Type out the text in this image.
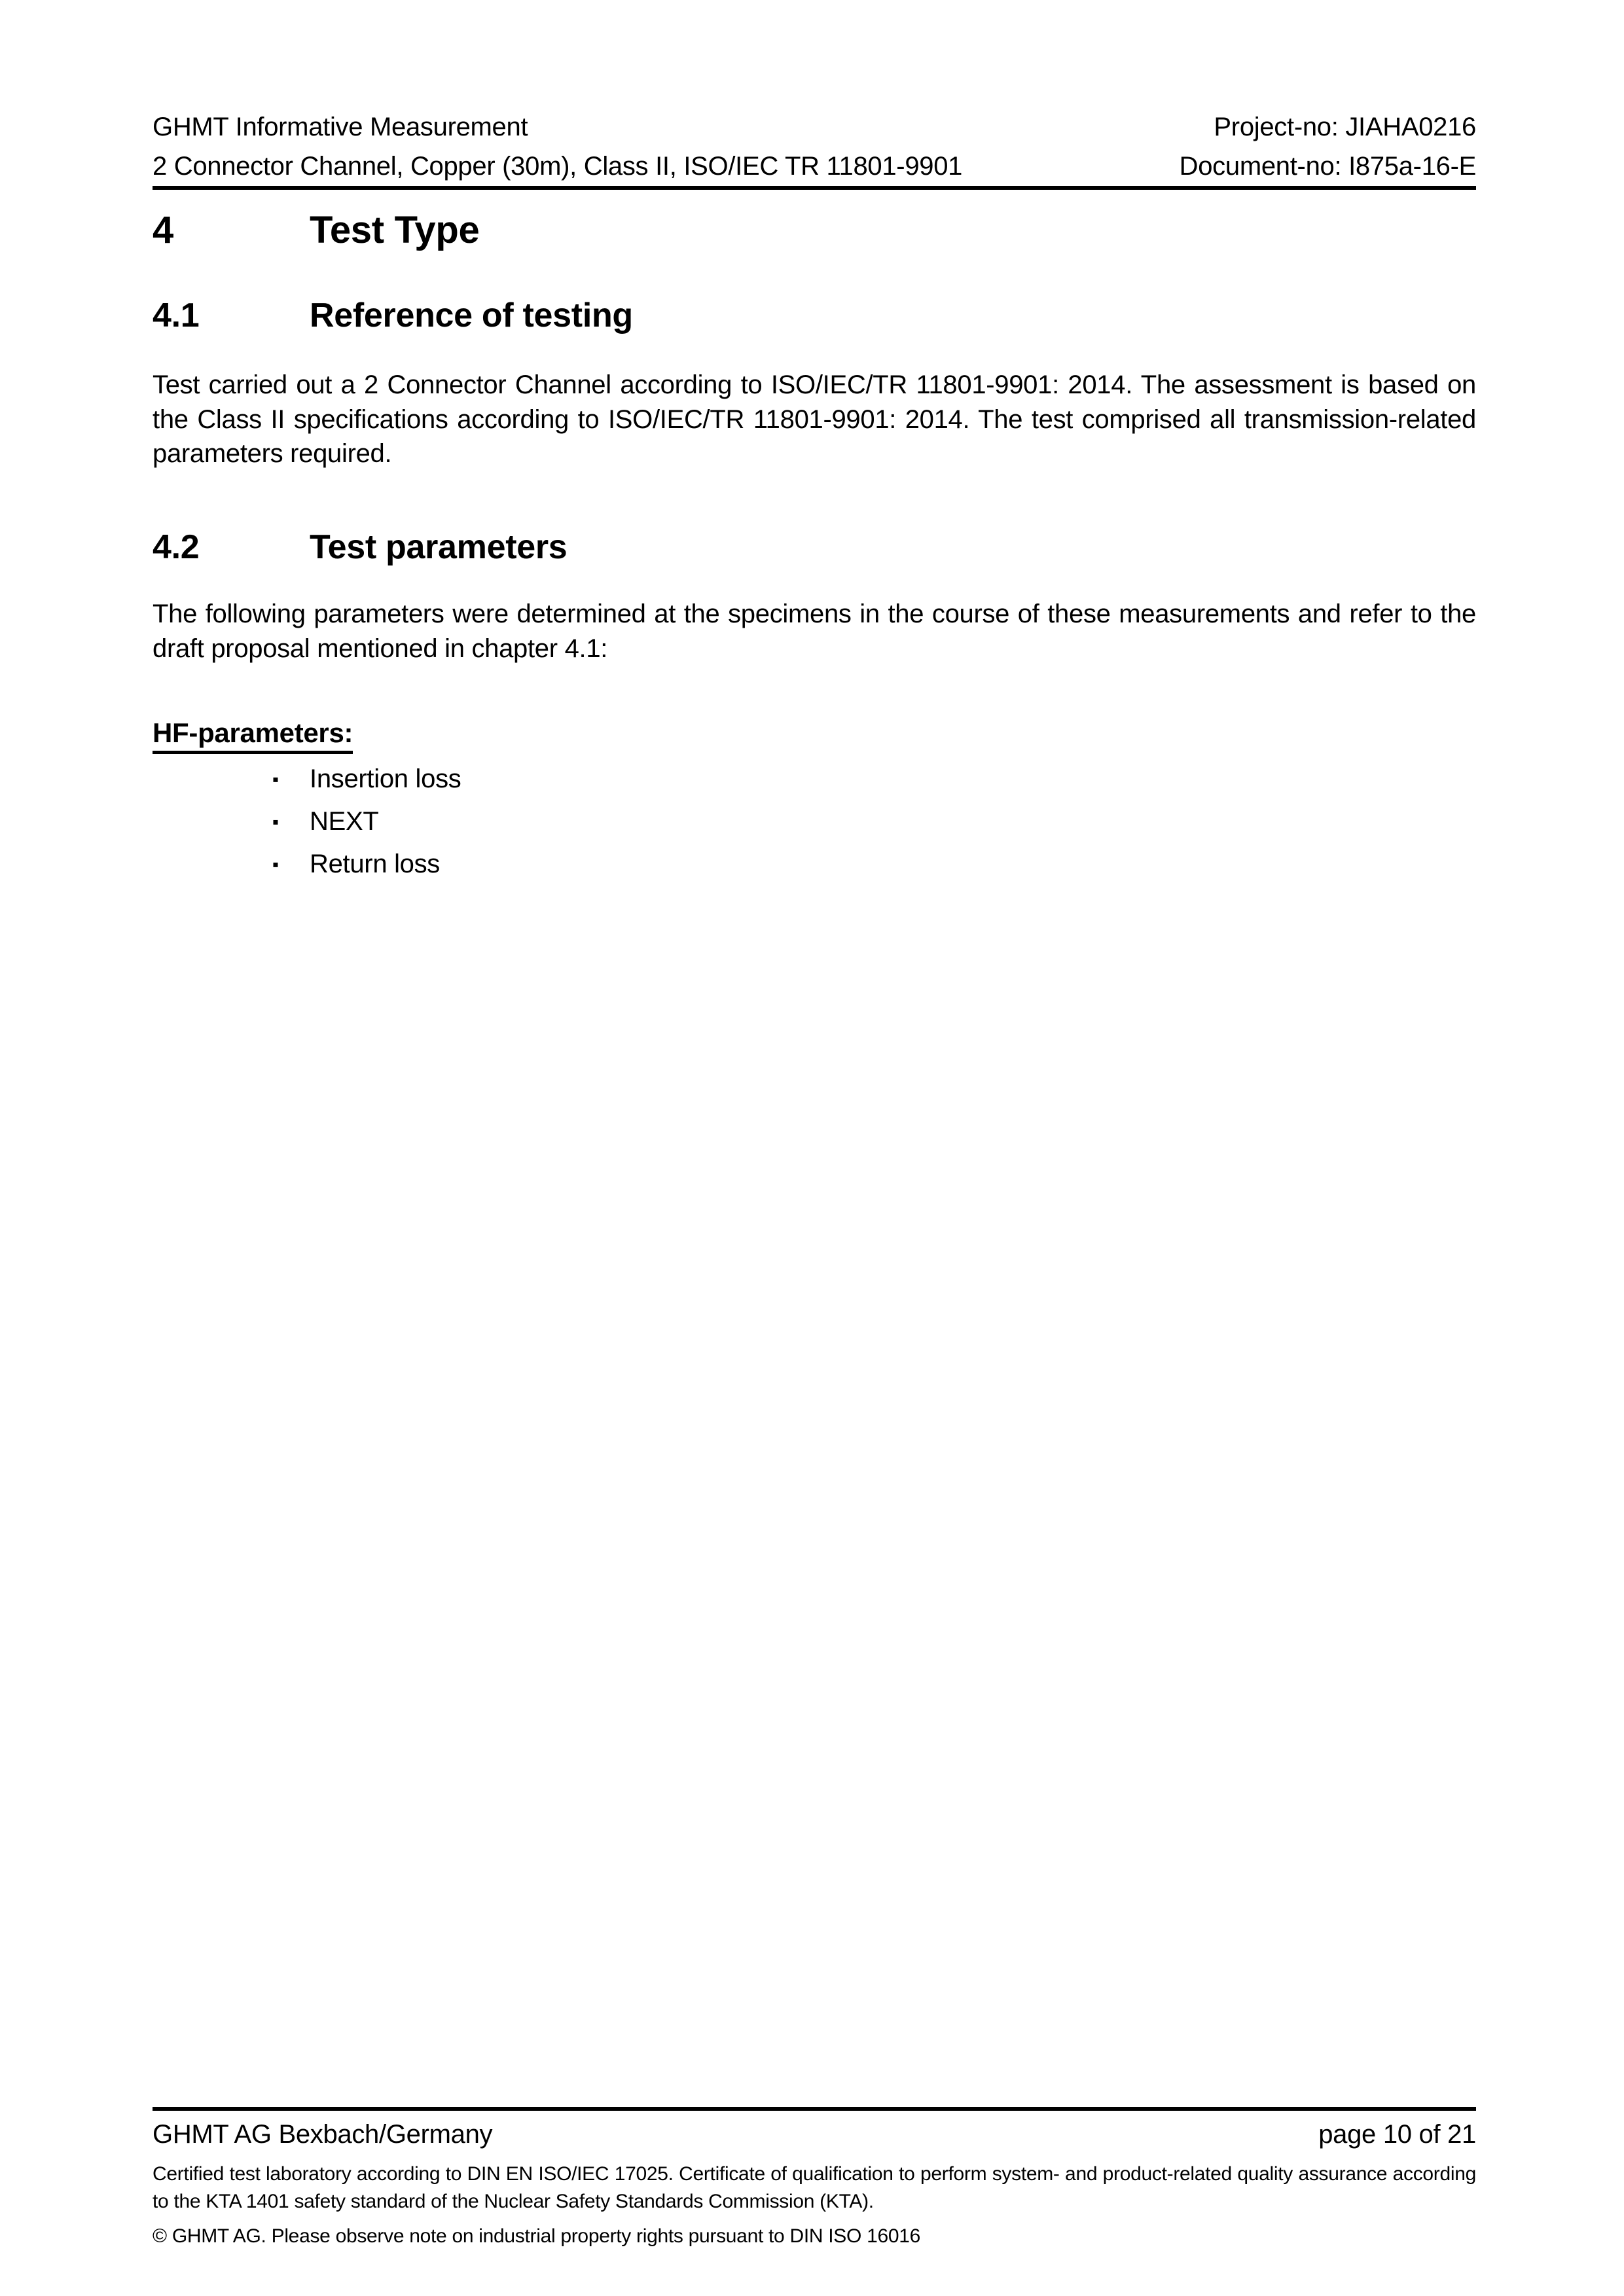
GHMT Informative Measurement	Project-no: JIAHA0216
2 Connector Channel, Copper (30m), Class II, ISO/IEC TR 11801-9901	Document-no: I875a-16-E
4	Test Type
4.1	Reference of testing

Test carried out a 2 Connector Channel according to ISO/IEC/TR 11801-9901: 2014. The assessment is based on the Class II specifications according to ISO/IEC/TR 11801-9901: 2014. The test comprised all transmission-related parameters required.

4.2	Test parameters

The following parameters were determined at the specimens in the course of these measurements and refer to the draft proposal mentioned in chapter 4.1:

HF-parameters:
▪	Insertion loss
▪	NEXT
▪	Return loss
GHMT AG Bexbach/Germany	page 10 of 21
Certified test laboratory according to DIN EN ISO/IEC 17025. Certificate of qualification to perform system- and product-related quality assurance according to the KTA 1401 safety standard of the Nuclear Safety Standards Commission (KTA).
© GHMT AG. Please observe note on industrial property rights pursuant to DIN ISO 16016
